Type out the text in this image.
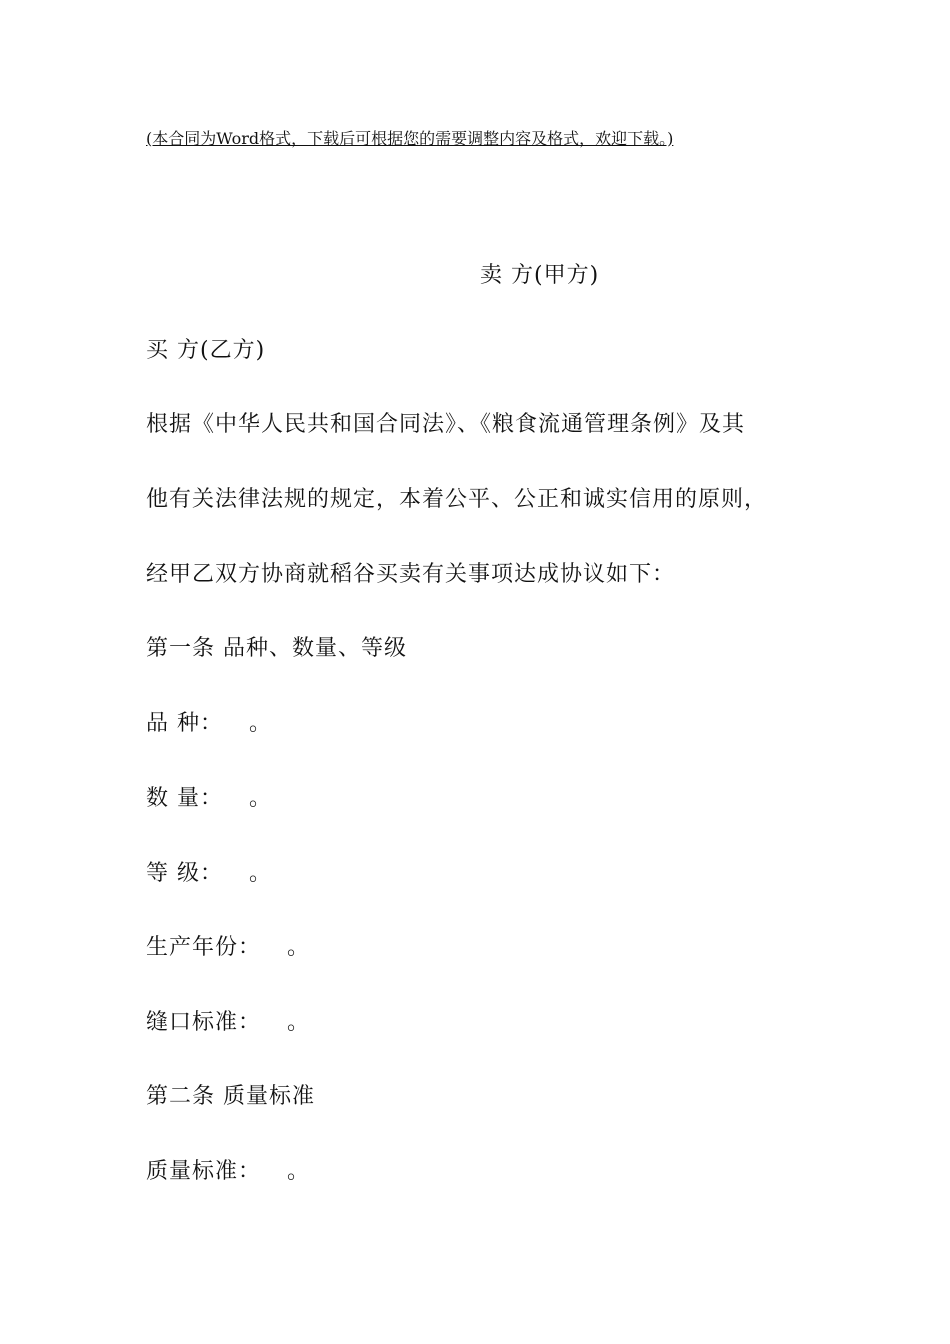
(本合同为Word格式，下载后可根据您的需要调整内容及格式，欢迎下载。)
卖 方(甲方)
买 方(乙方)
根据《中华人民共和国合同法》、《粮食流通管理条例》及其
他有关法律法规的规定，本着公平、公正和诚实信用的原则，
经甲乙双方协商就稻谷买卖有关事项达成协议如下：
第一条 品种、数量、等级
品 种： 。
数 量： 。
等 级： 。
生产年份： 。
缝口标准： 。
第二条 质量标准
质量标准： 。
